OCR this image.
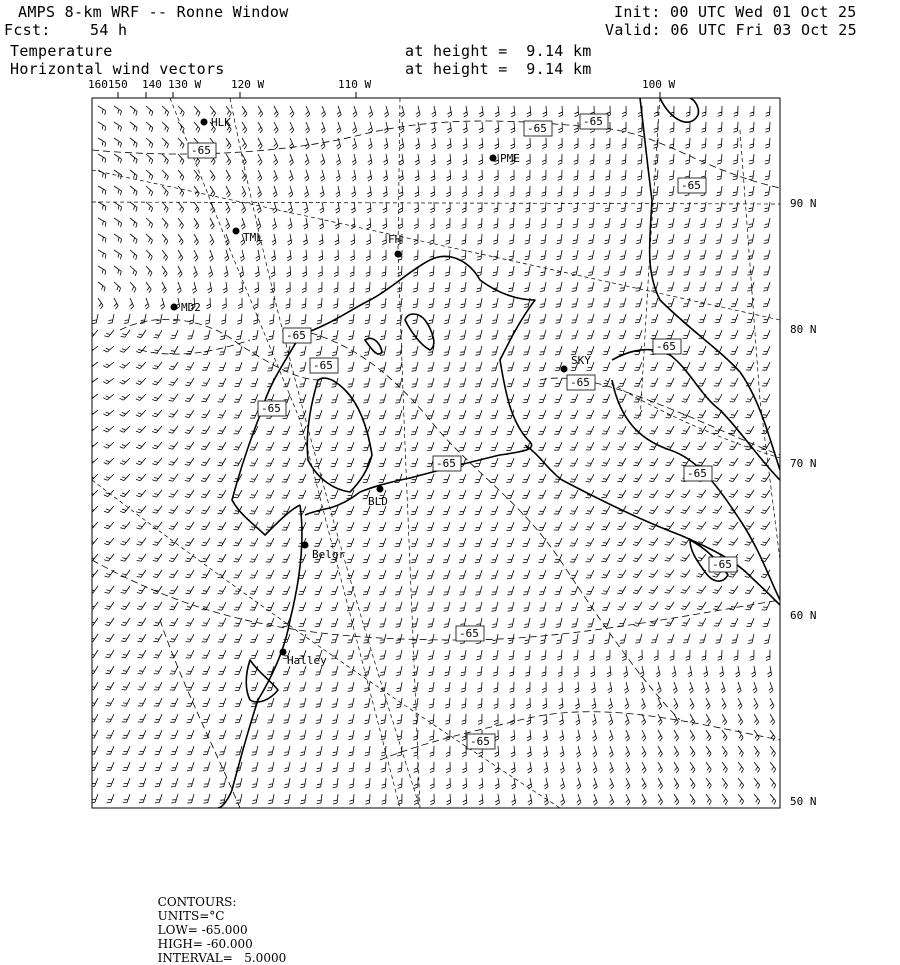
AMPS 8-km WRF -- Ronne Window
Fcst:	54 h
Temperature
Horizontal wind vectors
Init: 00 UTC Wed 01 Oct 25
Valid: 06 UTC Fri 03 Oct 25
at height =  9.14 km
at height =  9.14 km
160150 140 130 W	120 W	110 W	100 W
90 N
80 N
70 N
60 N
50 N
HLK
PME
TML	FH
MD2
SKY
BLD
Belgr
Halley
-65
-65
-65
-65
-65
-65
-65
-65
-65
-65
-65
-65
-65
-65

CONTOURS:
UNITS=°C
LOW= -65.000
HIGH= -60.000
INTERVAL=   5.0000
